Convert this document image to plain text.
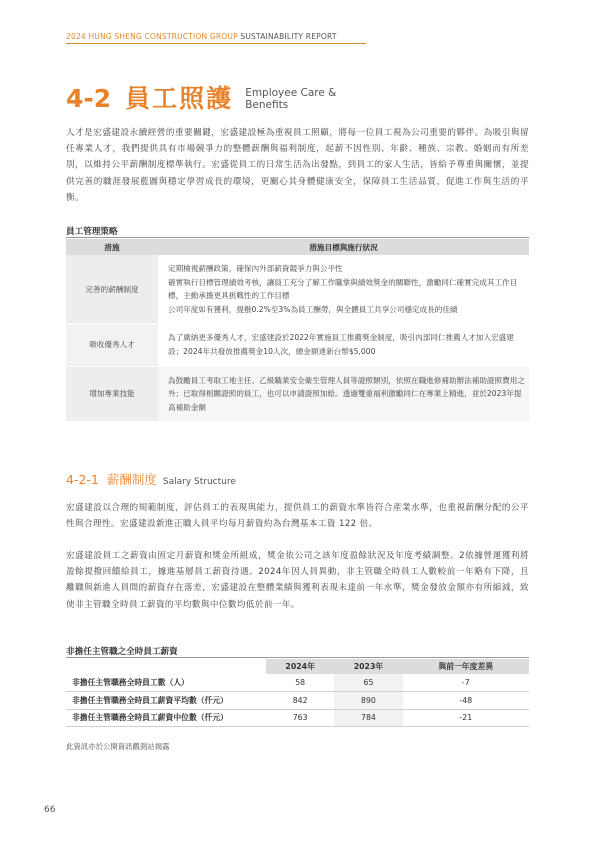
2024 HUNG SHENG CONSTRUCTION GROUP SUSTAINABILITY REPORT
4-2 員工照護 Employee Care & Benefits

人才是宏盛建設永續經營的重要關鍵，宏盛建設極為重視員工照顧，將每一位員工視為公司重要的夥伴。為吸引與留任專業人才，我們提供具有市場競爭力的整體薪酬與福利制度，起薪不因性別、年齡、種族、宗教、婚姻而有所差別，以維持公平薪酬制度標準執行。宏盛從員工的日常生活為出發點，到員工的家人生活，皆給予尊重與關懷，並提供完善的職涯發展藍圖與穩定學習成長的環境，更關心其身體健康安全，保障員工生活品質，促進工作與生活的平衡。

員工管理策略
措施	措施目標與施行狀況
完善的薪酬制度	定期檢視薪酬政策，確保內外部薪資競爭力與公平性
確實執行目標管理績效考核，讓員工充分了解工作職掌與績效獎金的關聯性，激勵同仁確實完成其工作目標，主動承擔更具挑戰性的工作目標
公司年度如有獲利，提撥0.2%至3%為員工酬勞，與全體員工共享公司穩定成長的佳績

吸收優秀人才	為了廣納更多優秀人才，宏盛建設於2022年實施員工推薦獎金制度，吸引內部同仁推薦人才加入宏盛建設；2024年共發放推薦獎金10人次，總金額達新台幣$5,000

增加專業技能	為鼓勵員工考取工地主任、乙級職業安全衛生管理人員等證照類別，依照在職進修補助辦法補助證照費用之外；已取得相關證照的員工，也可以申請證照加給。透過雙重福利激勵同仁在專業上精進，並於2023年提高補助金額
4-2-1 薪酬制度 Salary Structure

宏盛建設以合理的規範制度，評估員工的表現與能力，提供員工的薪資水準皆符合產業水準，也重視薪酬分配的公平性與合理性。宏盛建設新進正職人員平均每月薪資約為台灣基本工資 122 倍。

宏盛建設員工之薪資由固定月薪資和獎金所組成，獎金依公司之該年度盈餘狀況及年度考績調整。2依據營運獲利將盈餘提撥回饋給員工，據進基層員工薪資待遇。2024年因人員異動，非主管職全時員工人數較前一年略有下降，且離職與新進人員間的薪資存在落差，宏盛建設在整體業績與獲利表現未達前一年水準，獎金發放金額亦有所縮減，致使非主管職全時員工薪資的平均數與中位數均低於前一年。

非擔任主管職之全時員工薪資
	2024年	2023年	與前一年度差異
非擔任主管職務全時員工數（人）	58	65	-7
非擔任主管職務全時員工薪資平均數（仟元）	842	890	-48
非擔任主管職務全時員工薪資中位數（仟元）	763	784	-21
此資訊亦於公開資訊觀測站揭露
66
